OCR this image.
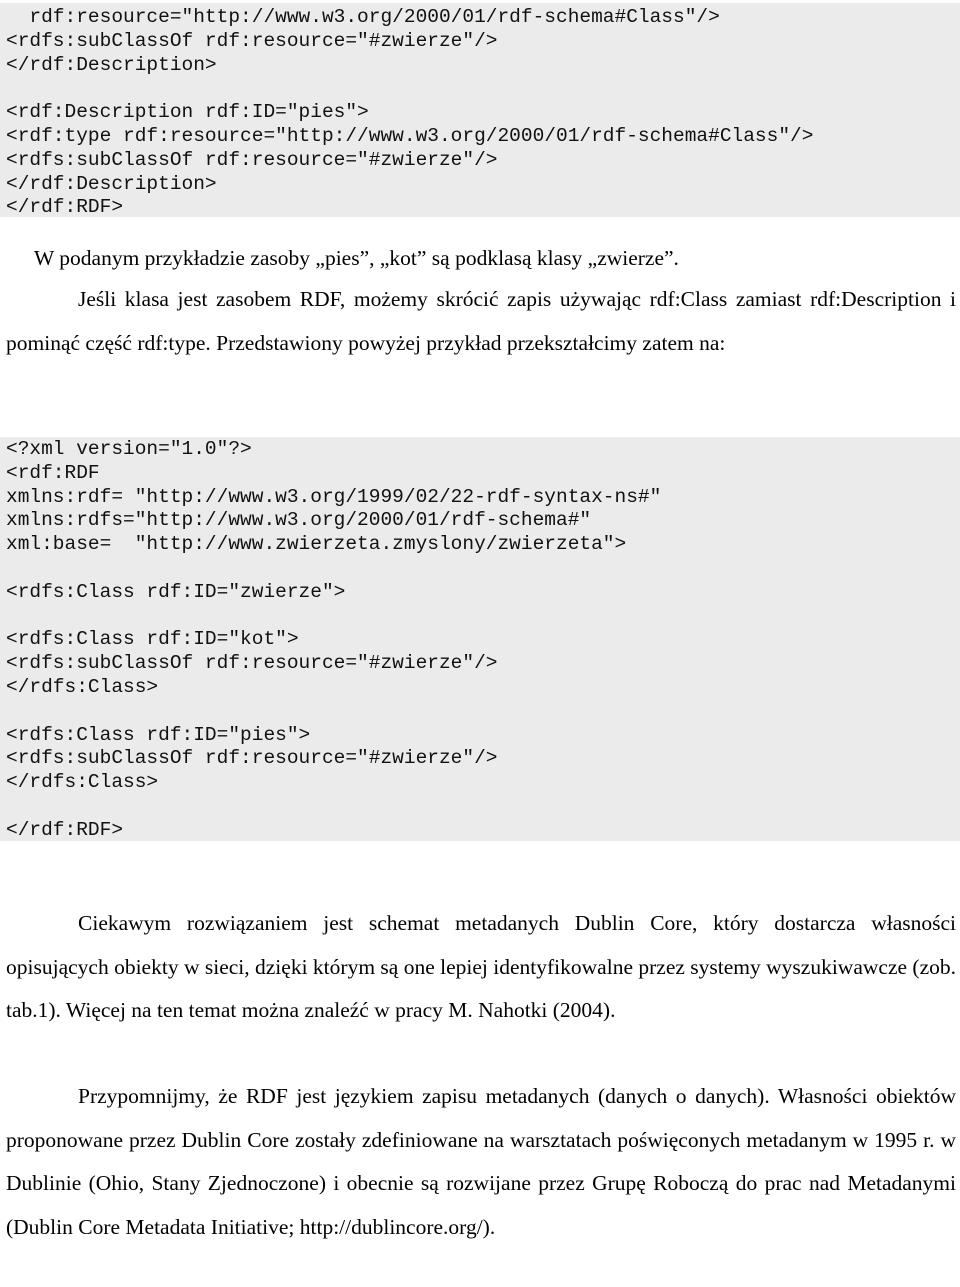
rdf:resource="http://www.w3.org/2000/01/rdf-schema#Class"/>
<rdfs:subClassOf rdf:resource="#zwierze"/>
</rdf:Description>
<rdf:Description rdf:ID="pies">
<rdf:type rdf:resource="http://www.w3.org/2000/01/rdf-schema#Class"/>
<rdfs:subClassOf rdf:resource="#zwierze"/>
</rdf:Description>
</rdf:RDF>

W podanym przykładzie zasoby „pies”, „kot” są podklasą klasy „zwierze”.

Jeśli klasa jest zasobem RDF, możemy skrócić zapis używając rdf:Class zamiast rdf:Description i pominąć część rdf:type. Przedstawiony powyżej przykład przekształcimy zatem na:

<?xml version="1.0"?>
<rdf:RDF
xmlns:rdf= "http://www.w3.org/1999/02/22-rdf-syntax-ns#"
xmlns:rdfs="http://www.w3.org/2000/01/rdf-schema#"
xml:base=  "http://www.zwierzeta.zmyslony/zwierzeta">
<rdfs:Class rdf:ID="zwierze">
<rdfs:Class rdf:ID="kot">
<rdfs:subClassOf rdf:resource="#zwierze"/>
</rdfs:Class>
<rdfs:Class rdf:ID="pies">
<rdfs:subClassOf rdf:resource="#zwierze"/>
</rdfs:Class>
</rdf:RDF>

Ciekawym rozwiązaniem jest schemat metadanych Dublin Core, który dostarcza własności opisujących obiekty w sieci, dzięki którym są one lepiej identyfikowalne przez systemy wyszukiwawcze (zob. tab.1). Więcej na ten temat można znaleźć w pracy M. Nahotki (2004).

Przypomnijmy, że RDF jest językiem zapisu metadanych (danych o danych). Własności obiektów proponowane przez Dublin Core zostały zdefiniowane na warsztatach poświęconych metadanym w 1995 r. w Dublinie (Ohio, Stany Zjednoczone) i obecnie są rozwijane przez Grupę Roboczą do prac nad Metadanymi (Dublin Core Metadata Initiative; http://dublincore.org/).
